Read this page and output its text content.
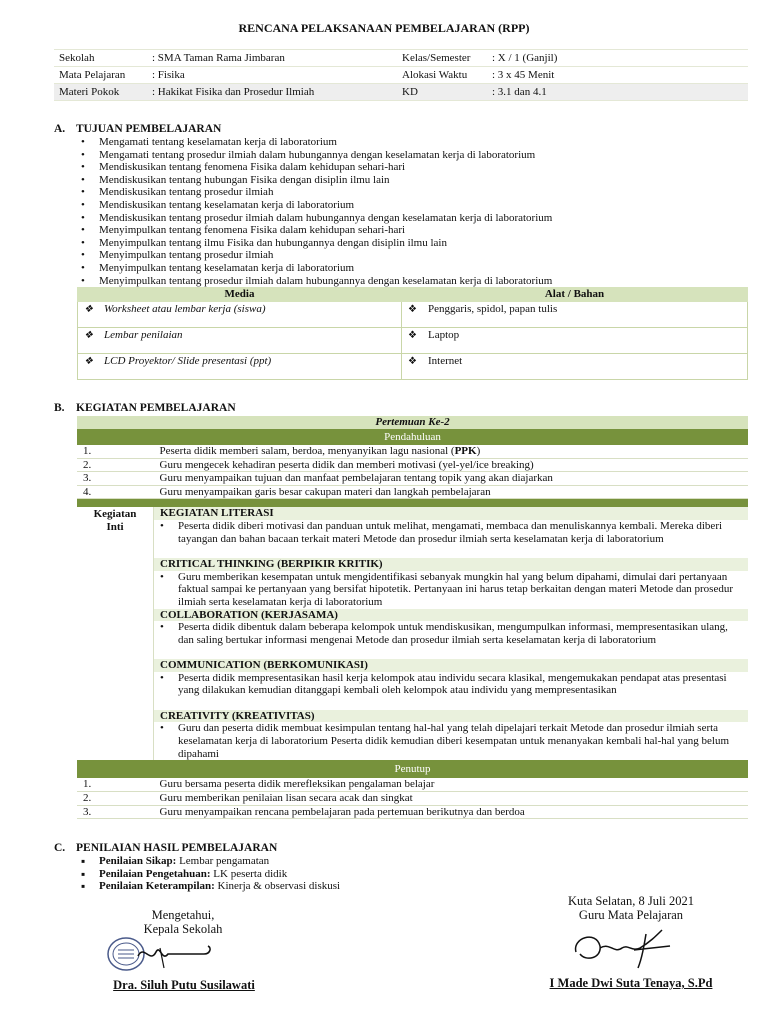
RENCANA PELAKSANAAN PEMBELAJARAN (RPP)
Sekolah	: SMA Taman Rama Jimbaran	Kelas/Semester	: X / 1 (Ganjil)
Mata Pelajaran	: Fisika	Alokasi Waktu	: 3 x 45 Menit
Materi Pokok	: Hakikat Fisika dan Prosedur Ilmiah	KD	: 3.1 dan 4.1
A. TUJUAN PEMBELAJARAN
• Mengamati tentang keselamatan kerja di laboratorium
• Mengamati tentang prosedur ilmiah dalam hubungannya dengan keselamatan kerja di laboratorium
• Mendiskusikan tentang fenomena Fisika dalam kehidupan sehari-hari
• Mendiskusikan tentang hubungan Fisika dengan disiplin ilmu lain
• Mendiskusikan tentang prosedur ilmiah
• Mendiskusikan tentang keselamatan kerja di laboratorium
• Mendiskusikan tentang prosedur ilmiah dalam hubungannya dengan keselamatan kerja di laboratorium
• Menyimpulkan tentang fenomena Fisika dalam kehidupan sehari-hari
• Menyimpulkan tentang ilmu Fisika dan hubungannya dengan disiplin ilmu lain
• Menyimpulkan tentang prosedur ilmiah
• Menyimpulkan tentang keselamatan kerja di laboratorium
• Menyimpulkan tentang prosedur ilmiah dalam hubungannya dengan keselamatan kerja di laboratorium
Media	Alat / Bahan
❖ Worksheet atau lembar kerja (siswa)	❖ Penggaris, spidol, papan tulis
❖ Lembar penilaian	❖ Laptop
❖ LCD Proyektor/ Slide presentasi (ppt)	❖ Internet
B. KEGIATAN PEMBELAJARAN
Pertemuan Ke-2	
Pendahuluan	
1.	Peserta didik memberi salam, berdoa, menyanyikan lagu nasional (PPK)
2.	Guru mengecek kehadiran peserta didik dan memberi motivasi (yel-yel/ice breaking)
3.	Guru menyampaikan tujuan dan manfaat pembelajaran tentang topik yang akan diajarkan
4.	Guru menyampaikan garis besar cakupan materi dan langkah pembelajaran

Kegiatan Inti	KEGIATAN LITERASI
	• Peserta didik diberi motivasi dan panduan untuk melihat, mengamati, membaca dan menuliskannya kembali. Mereka diberi tayangan dan bahan bacaan terkait materi Metode dan prosedur ilmiah serta keselamatan kerja di laboratorium
	CRITICAL THINKING (BERPIKIR KRITIK)
	• Guru memberikan kesempatan untuk mengidentifikasi sebanyak mungkin hal yang belum dipahami, dimulai dari pertanyaan faktual sampai ke pertanyaan yang bersifat hipotetik. Pertanyaan ini harus tetap berkaitan dengan materi Metode dan prosedur ilmiah serta keselamatan kerja di laboratorium
	COLLABORATION (KERJASAMA)
	• Peserta didik dibentuk dalam beberapa kelompok untuk mendiskusikan, mengumpulkan informasi, mempresentasikan ulang, dan saling bertukar informasi mengenai Metode dan prosedur ilmiah serta keselamatan kerja di laboratorium
	COMMUNICATION (BERKOMUNIKASI)
	• Peserta didik mempresentasikan hasil kerja kelompok atau individu secara klasikal, mengemukakan pendapat atas presentasi yang dilakukan kemudian ditanggapi kembali oleh kelompok atau individu yang mempresentasikan
	CREATIVITY (KREATIVITAS)
	• Guru dan peserta didik membuat kesimpulan tentang hal-hal yang telah dipelajari terkait Metode dan prosedur ilmiah serta keselamatan kerja di laboratorium Peserta didik kemudian diberi kesempatan untuk menanyakan kembali hal-hal yang belum dipahami
Penutup	
1.	Guru bersama peserta didik merefleksikan pengalaman belajar
2.	Guru memberikan penilaian lisan secara acak dan singkat
3.	Guru menyampaikan rencana pembelajaran pada pertemuan berikutnya dan berdoa
C. PENILAIAN HASIL PEMBELAJARAN
▪ Penilaian Sikap: Lembar pengamatan
▪ Penilaian Pengetahuan: LK peserta didik
▪ Penilaian Keterampilan: Kinerja & observasi diskusi
Mengetahui,
Kepala Sekolah
Dra. Siluh Putu Susilawati
Kuta Selatan, 8 Juli 2021
Guru Mata Pelajaran
I Made Dwi Suta Tenaya, S.Pd
